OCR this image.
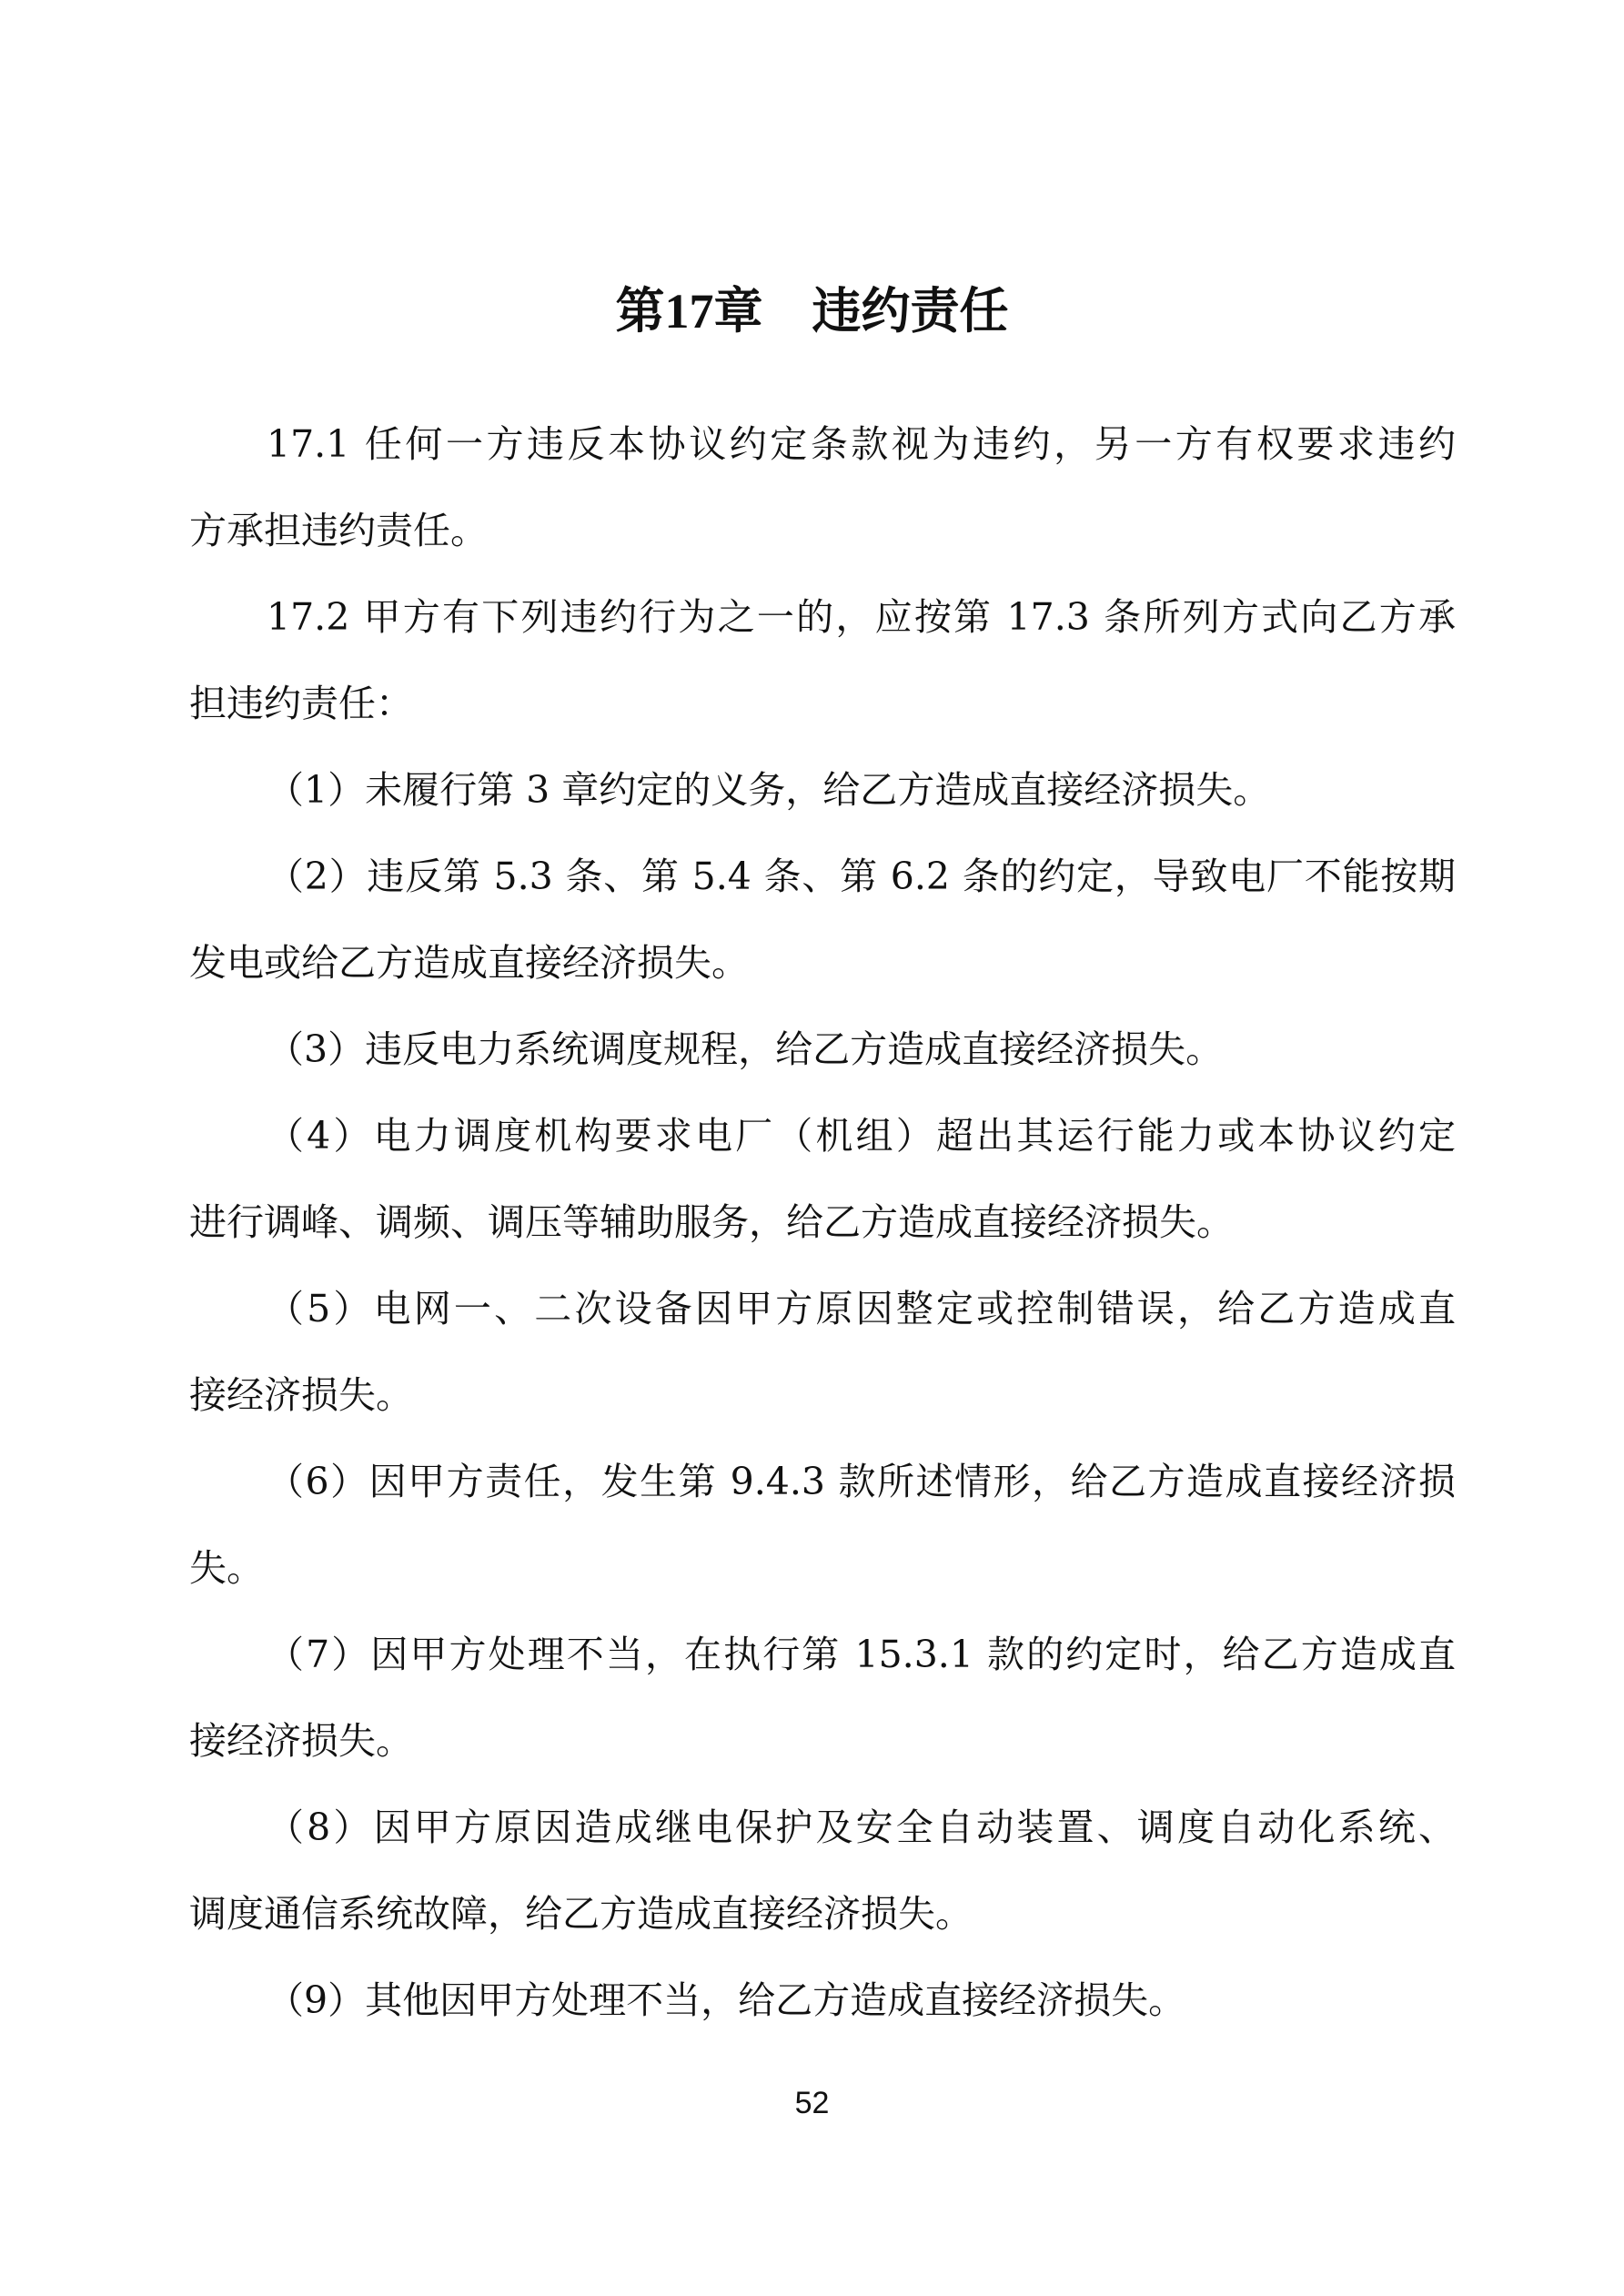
第17章　违约责任
17.1 任何一方违反本协议约定条款视为违约，另一方有权要求违约
方承担违约责任。
17.2 甲方有下列违约行为之一的，应按第 17.3 条所列方式向乙方承
担违约责任：
（1）未履行第 3 章约定的义务，给乙方造成直接经济损失。
（2）违反第 5.3 条、第 5.4 条、第 6.2 条的约定，导致电厂不能按期
发电或给乙方造成直接经济损失。
（3）违反电力系统调度规程，给乙方造成直接经济损失。
（4）电力调度机构要求电厂（机组）超出其运行能力或本协议约定
进行调峰、调频、调压等辅助服务，给乙方造成直接经济损失。
（5）电网一、二次设备因甲方原因整定或控制错误，给乙方造成直
接经济损失。
（6）因甲方责任，发生第 9.4.3 款所述情形，给乙方造成直接经济损
失。
（7）因甲方处理不当，在执行第 15.3.1 款的约定时，给乙方造成直
接经济损失。
（8）因甲方原因造成继电保护及安全自动装置、调度自动化系统、
调度通信系统故障，给乙方造成直接经济损失。
（9）其他因甲方处理不当，给乙方造成直接经济损失。
52
